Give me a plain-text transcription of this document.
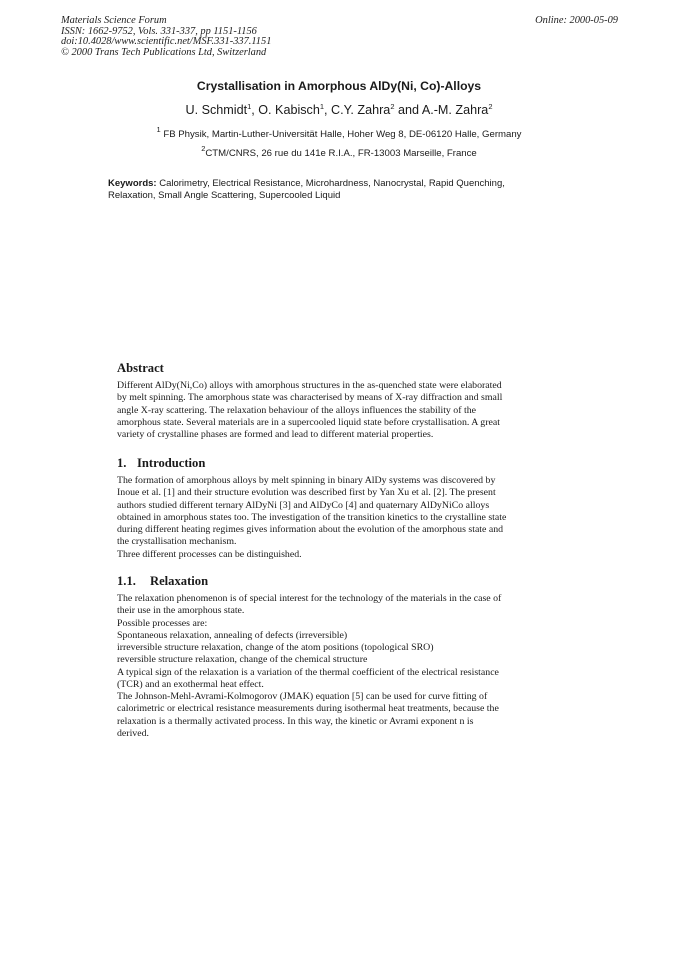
Materials Science Forum
ISSN: 1662-9752, Vols. 331-337, pp 1151-1156
doi:10.4028/www.scientific.net/MSF.331-337.1151
© 2000 Trans Tech Publications Ltd, Switzerland
Online: 2000-05-09
Crystallisation in Amorphous AlDy(Ni, Co)-Alloys
U. Schmidt$^1$, O. Kabisch$^1$, C.Y. Zahra$^2$ and A.-M. Zahra$^2$
$^1$ FB Physik, Martin-Luther-Universität Halle, Hoher Weg 8, DE-06120 Halle, Germany
$^2$CTM/CNRS, 26 rue du 141e R.I.A., FR-13003 Marseille, France
Keywords: Calorimetry, Electrical Resistance, Microhardness, Nanocrystal, Rapid Quenching,
Relaxation, Small Angle Scattering, Supercooled Liquid
Abstract
Different AlDy(Ni,Co) alloys with amorphous structures in the as-quenched state were elaborated
by melt spinning. The amorphous state was characterised by means of X-ray diffraction and small
angle X-ray scattering. The relaxation behaviour of the alloys influences the stability of the
amorphous state. Several materials are in a supercooled liquid state before crystallisation. A great
variety of crystalline phases are formed and lead to different material properties.
1. Introduction
The formation of amorphous alloys by melt spinning in binary AlDy systems was discovered by
Inoue et al. [1] and their structure evolution was described first by Yan Xu et al. [2]. The present
authors studied different ternary AlDyNi [3] and AlDyCo [4] and quaternary AlDyNiCo alloys
obtained in amorphous states too. The investigation of the transition kinetics to the crystalline state
during different heating regimes gives information about the evolution of the amorphous state and
the crystallisation mechanism.
Three different processes can be distinguished.
1.1. Relaxation
The relaxation phenomenon is of special interest for the technology of the materials in the case of
their use in the amorphous state.
Possible processes are:
Spontaneous relaxation, annealing of defects (irreversible)
irreversible structure relaxation, change of the atom positions (topological SRO)
reversible structure relaxation, change of the chemical structure
A typical sign of the relaxation is a variation of the thermal coefficient of the electrical resistance
(TCR) and an exothermal heat effect.
The Johnson-Mehl-Avrami-Kolmogorov (JMAK) equation [5] can be used for curve fitting of
calorimetric or electrical resistance measurements during isothermal heat treatments, because the
relaxation is a thermally activated process. In this way, the kinetic or Avrami exponent n is
derived.
